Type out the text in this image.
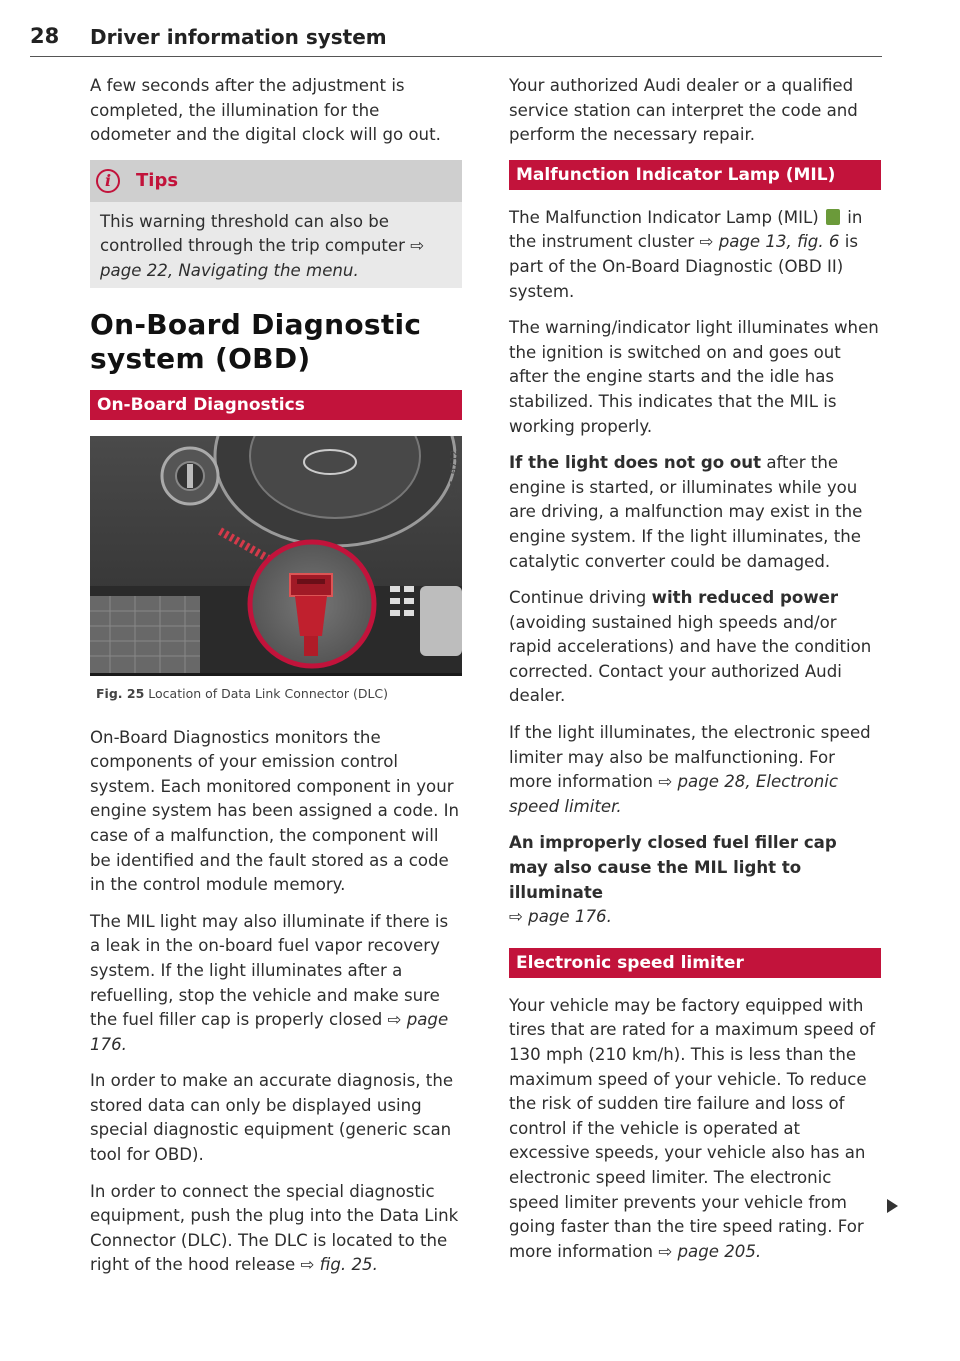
28 Driver information system

A few seconds after the adjustment is completed, the illumination for the odometer and the digital clock will go out.

i	Tips

This warning threshold can also be controlled through the trip computer ⇨ page 22, Navigating the menu.

On-Board Diagnostic system (OBD)
On-Board Diagnostics
B8J-0712
Fig. 25 Location of Data Link Connector (DLC)

On-Board Diagnostics monitors the components of your emission control system. Each monitored component in your engine system has been assigned a code. In case of a malfunction, the component will be identified and the fault stored as a code in the control module memory.

The MIL light may also illuminate if there is a leak in the on-board fuel vapor recovery system. If the light illuminates after a refuelling, stop the vehicle and make sure the fuel filler cap is properly closed ⇨ page 176.

In order to make an accurate diagnosis, the stored data can only be displayed using special diagnostic equipment (generic scan tool for OBD).

In order to connect the special diagnostic equipment, push the plug into the Data Link Connector (DLC). The DLC is located to the right of the hood release ⇨ fig. 25.

Your authorized Audi dealer or a qualified service station can interpret the code and perform the necessary repair.

Malfunction Indicator Lamp (MIL)

The Malfunction Indicator Lamp (MIL) in the instrument cluster ⇨ page 13, fig. 6 is part of the On-Board Diagnostic (OBD II) system.

The warning/indicator light illuminates when the ignition is switched on and goes out after the engine starts and the idle has stabilized. This indicates that the MIL is working properly.

If the light does not go out after the engine is started, or illuminates while you are driving, a malfunction may exist in the engine system. If the light illuminates, the catalytic converter could be damaged.

Continue driving with reduced power (avoiding sustained high speeds and/or rapid accelerations) and have the condition corrected. Contact your authorized Audi dealer.

If the light illuminates, the electronic speed limiter may also be malfunctioning. For more information ⇨ page 28, Electronic speed limiter.

An improperly closed fuel filler cap may also cause the MIL light to illuminate
⇨ page 176.

Electronic speed limiter

Your vehicle may be factory equipped with tires that are rated for a maximum speed of 130 mph (210 km/h). This is less than the maximum speed of your vehicle. To reduce the risk of sudden tire failure and loss of control if the vehicle is operated at excessive speeds, your vehicle also has an electronic speed limiter. The electronic speed limiter prevents your vehicle from going faster than the tire speed rating. For more information ⇨ page 205.
